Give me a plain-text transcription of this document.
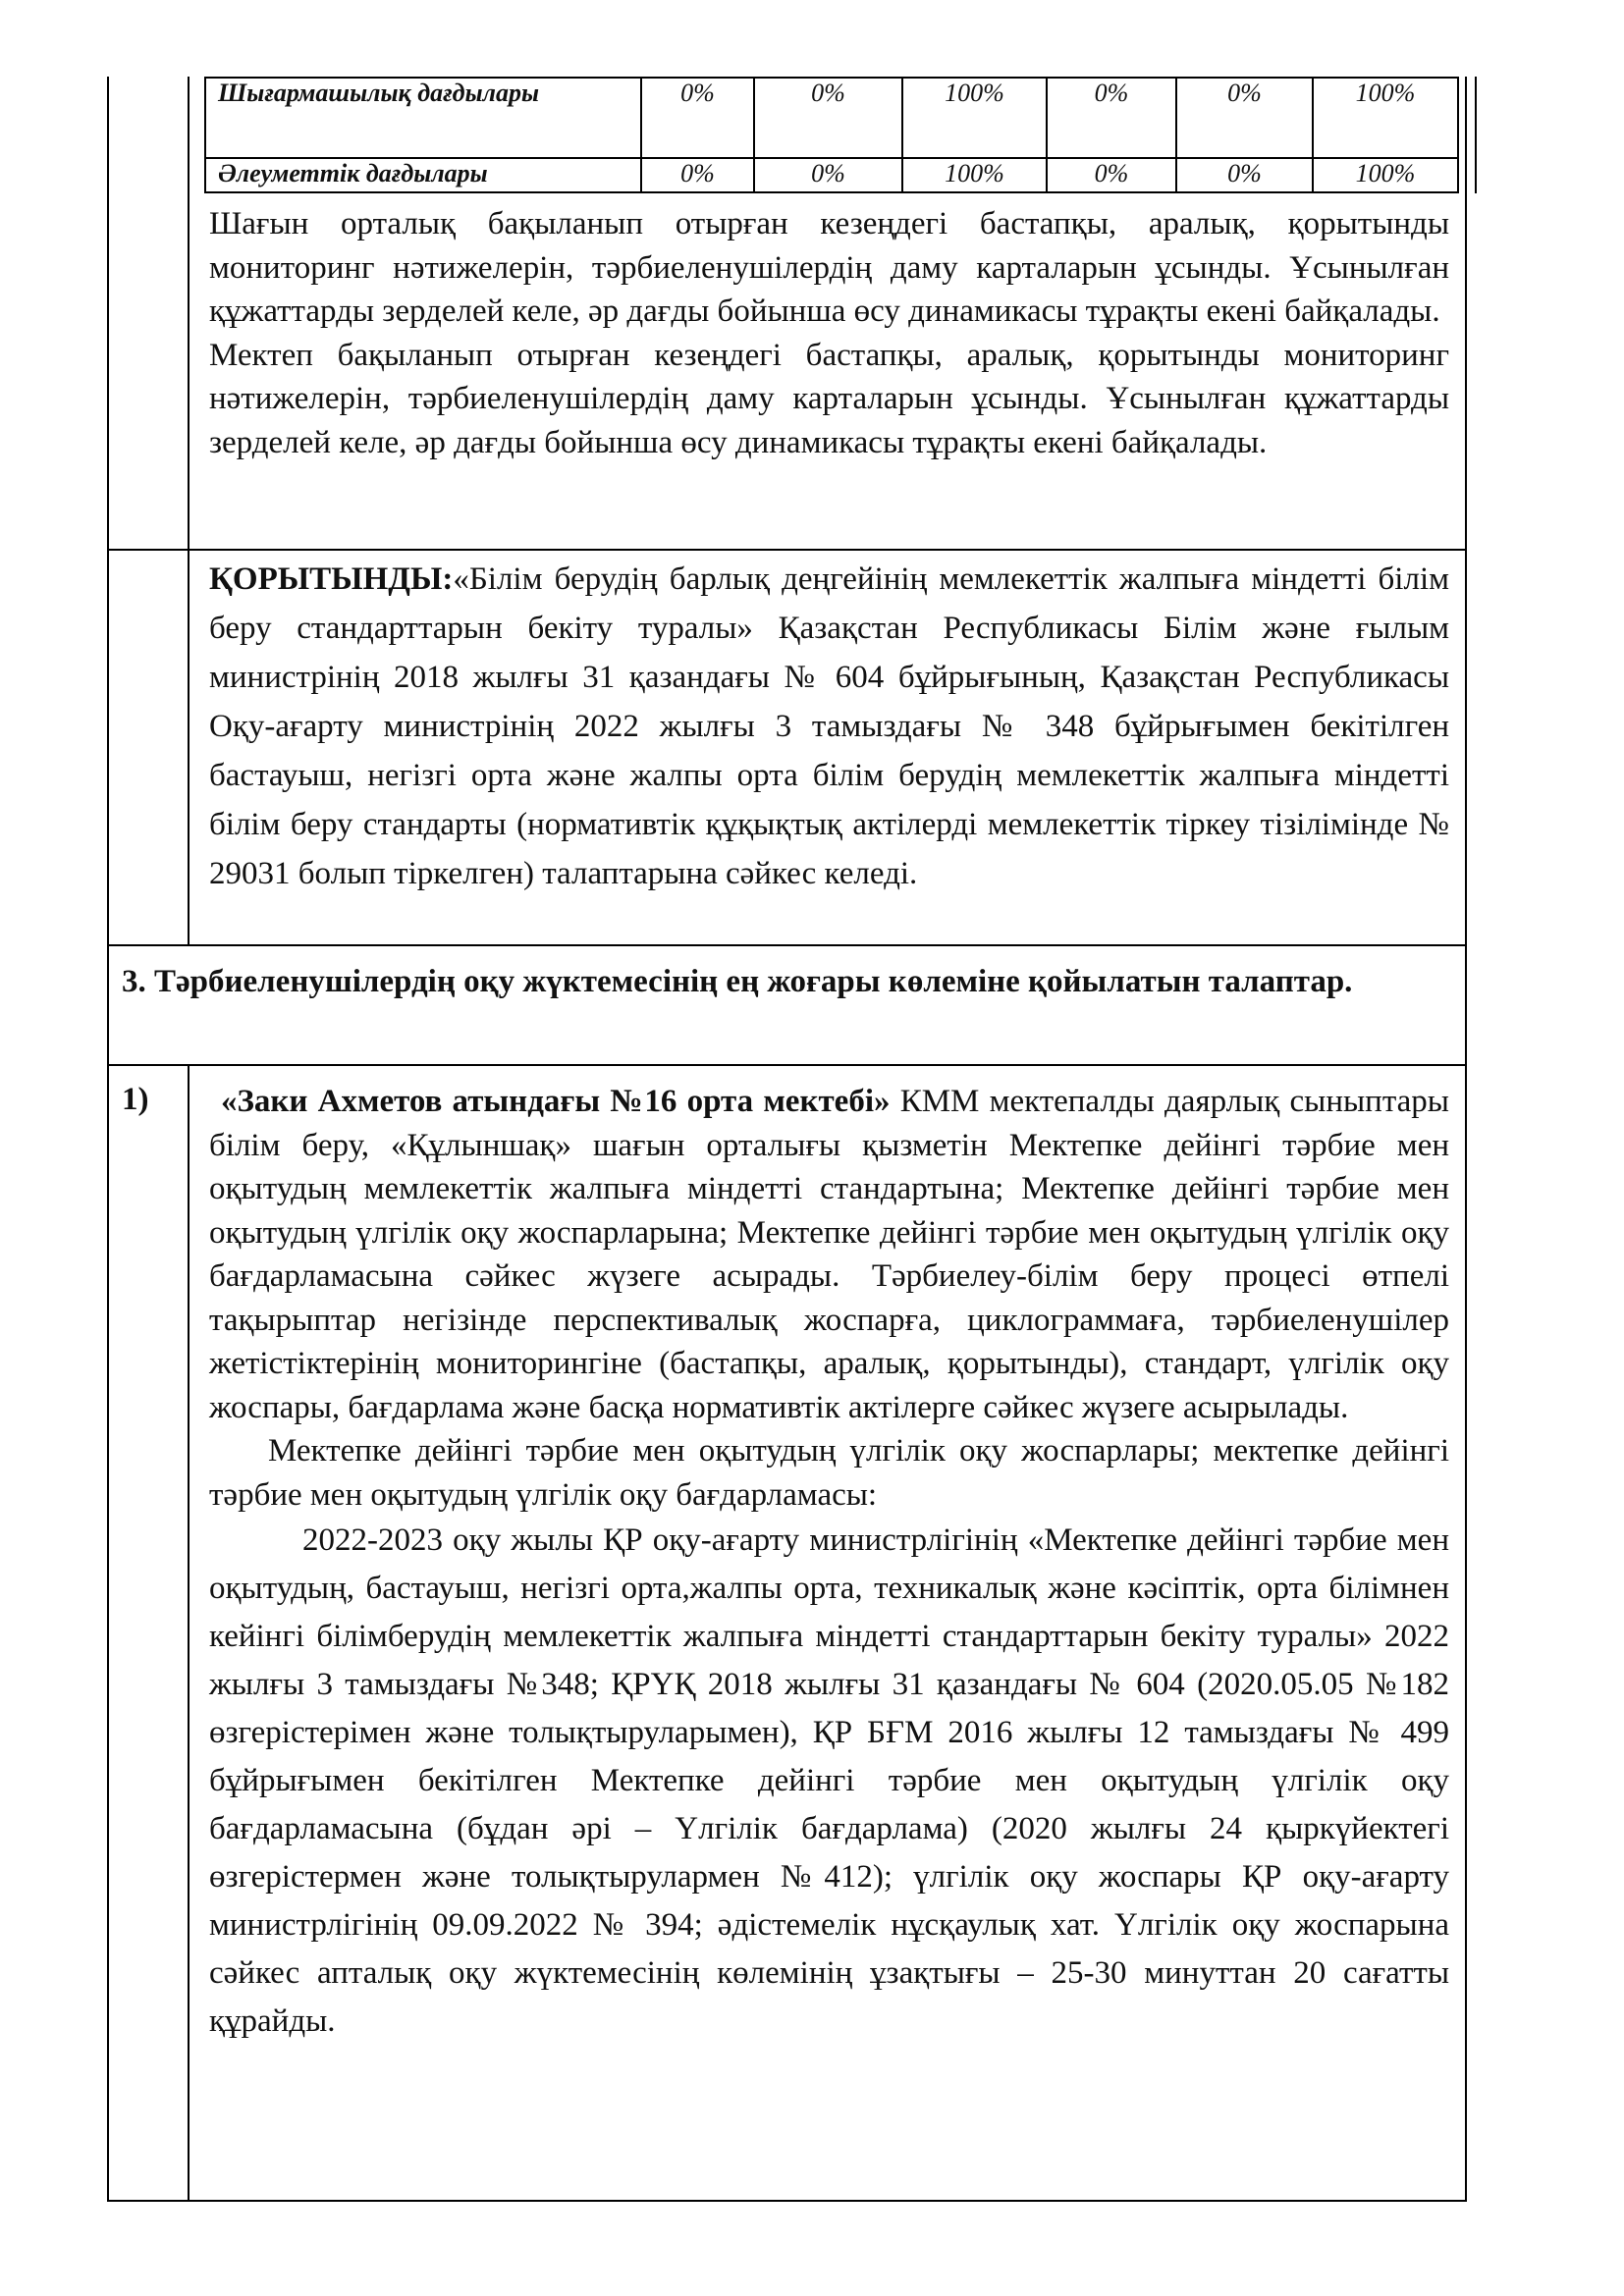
Шығармашылық дағдылары	0%	0%	100%	0%	0%	100%
Әлеуметтік дағдылары	0%	0%	100%	0%	0%	100%

Шағын орталық бақыланып отырған кезеңдегі бастапқы, аралық, қорытынды мониторинг нәтижелерін, тәрбиеленушілердің даму карталарын ұсынды. Ұсынылған құжаттарды зерделей келе, әр дағды бойынша өсу динамикасы тұрақты екені байқалады.

Мектеп бақыланып отырған кезеңдегі бастапқы, аралық, қорытынды мониторинг нәтижелерін, тәрбиеленушілердің даму карталарын ұсынды. Ұсынылған құжаттарды зерделей келе, әр дағды бойынша өсу динамикасы тұрақты екені байқалады.

ҚОРЫТЫНДЫ:«Білім берудің барлық деңгейінің мемлекеттік жалпыға міндетті білім беру стандарттарын бекіту туралы» Қазақстан Республикасы Білім және ғылым министрінің 2018 жылғы 31 қазандағы № 604 бұйрығының, Қазақстан Республикасы Оқу-ағарту министрінің 2022 жылғы 3 тамыздағы № 348 бұйрығымен бекітілген бастауыш, негізгі орта және жалпы орта білім берудің мемлекеттік жалпыға міндетті білім беру стандарты (нормативтік құқықтық актілерді мемлекеттік тіркеу тізілімінде № 29031 болып тіркелген) талаптарына сәйкес келеді.

3. Тәрбиеленушілердің оқу жүктемесінің ең жоғары көлеміне қойылатын талаптар.

1)	«Заки Ахметов атындағы №16 орта мектебі» КММ мектепалды даярлық сыныптары білім беру, «Құлыншақ» шағын орталығы қызметін Мектепке дейінгі тәрбие мен оқытудың мемлекеттік жалпыға міндетті стандартына; Мектепке дейінгі тәрбие мен оқытудың үлгілік оқу жоспарларына; Мектепке дейінгі тәрбие мен оқытудың үлгілік оқу бағдарламасына сәйкес жүзеге асырады. Тәрбиелеу-білім беру процесі өтпелі тақырыптар негізінде перспективалық жоспарға, циклограммаға, тәрбиеленушілер жетістіктерінің мониторингіне (бастапқы, аралық, қорытынды), стандарт, үлгілік оқу жоспары, бағдарлама және басқа нормативтік актілерге сәйкес жүзеге асырылады.

Мектепке дейінгі тәрбие мен оқытудың үлгілік оқу жоспарлары; мектепке дейінгі тәрбие мен оқытудың үлгілік оқу бағдарламасы:

2022-2023 оқу жылы ҚР оқу-ағарту министрлігінің «Мектепке дейінгі тәрбие мен оқытудың, бастауыш, негізгі орта,жалпы орта, техникалық және кәсіптік, орта білімнен кейінгі білімберудің мемлекеттік жалпыға міндетті стандарттарын бекіту туралы» 2022 жылғы 3 тамыздағы №348; ҚРҮҚ 2018 жылғы 31 қазандағы № 604 (2020.05.05 №182 өзгерістерімен және толықтыруларымен), ҚР БҒМ 2016 жылғы 12 тамыздағы № 499 бұйрығымен бекітілген Мектепке дейінгі тәрбие мен оқытудың үлгілік оқу бағдарламасына (бұдан әрі – Үлгілік бағдарлама) (2020 жылғы 24 қыркүйектегі өзгерістермен және толықтырулармен №412); үлгілік оқу жоспары ҚР оқу-ағарту министрлігінің 09.09.2022 № 394; әдістемелік нұсқаулық хат. Үлгілік оқу жоспарына сәйкес апталық оқу жүктемесінің көлемінің ұзақтығы – 25-30 минуттан 20 сағатты құрайды.
